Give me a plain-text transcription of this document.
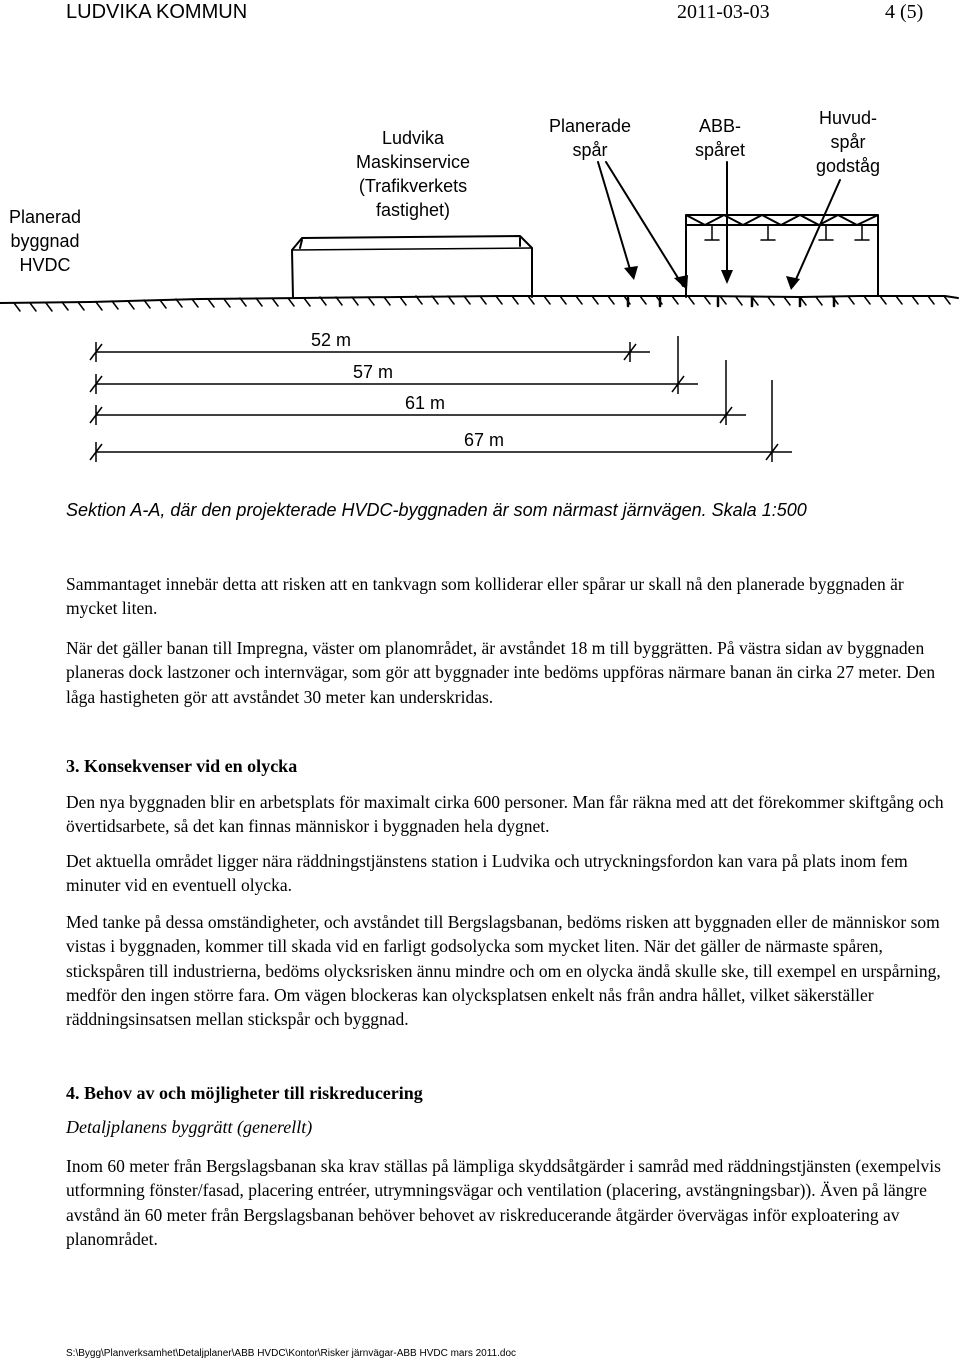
LUDVIKA KOMMUN	2011-03-03	4 (5)
Planerad
byggnad
HVDC
Ludvika
Maskinservice
(Trafikverkets
fastighet)
Planerade
spår
ABB-
spåret
Huvud-
spår
godståg
52 m
57 m
61 m
67 m
Sektion A-A, där den projekterade HVDC-byggnaden är som närmast järnvägen. Skala 1:500

Sammantaget innebär detta att risken att en tankvagn som kolliderar eller spårar ur skall nå den planerade byggnaden är mycket liten.

När det gäller banan till Impregna, väster om planområdet, är avståndet 18 m till byggrätten. På västra sidan av byggnaden planeras dock lastzoner och internvägar, som gör att byggnader inte bedöms uppföras närmare banan än cirka 27 meter. Den låga hastigheten gör att avståndet 30 meter kan underskridas.

3. Konsekvenser vid en olycka

Den nya byggnaden blir en arbetsplats för maximalt cirka 600 personer. Man får räkna med att det förekommer skiftgång och övertidsarbete, så det kan finnas människor i byggnaden hela dygnet.

Det aktuella området ligger nära räddningstjänstens station i Ludvika och utryckningsfordon kan vara på plats inom fem minuter vid en eventuell olycka.

Med tanke på dessa omständigheter, och avståndet till Bergslagsbanan, bedöms risken att byggnaden eller de människor som vistas i byggnaden, kommer till skada vid en farligt godsolycka som mycket liten. När det gäller de närmaste spåren, stickspåren till industrierna, bedöms olycksrisken ännu mindre och om en olycka ändå skulle ske, till exempel en urspårning, medför den ingen större fara. Om vägen blockeras kan olycksplatsen enkelt nås från andra hållet, vilket säkerställer räddningsinsatsen mellan stickspår och byggnad.

4. Behov av och möjligheter till riskreducering
Detaljplanens byggrätt (generellt)

Inom 60 meter från Bergslagsbanan ska krav ställas på lämpliga skyddsåtgärder i samråd med räddningstjänsten (exempelvis utformning fönster/fasad, placering entréer, utrymningsvägar och ventilation (placering, avstängningsbar)). Även på längre avstånd än 60 meter från Bergslagsbanan behöver behovet av riskreducerande åtgärder övervägas inför exploatering av planområdet.

S:\Bygg\Planverksamhet\Detaljplaner\ABB HVDC\Kontor\Risker järnvägar-ABB HVDC mars 2011.doc
